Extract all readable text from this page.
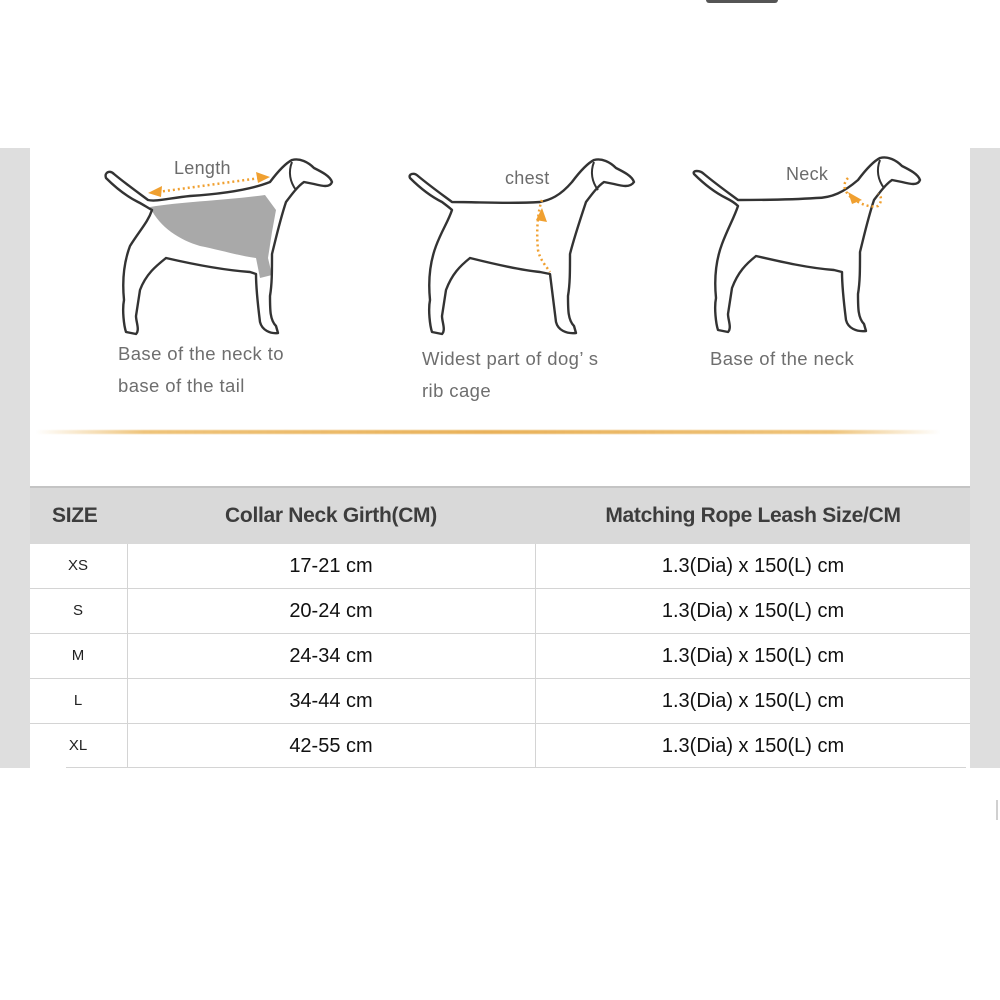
Length
Base of the neck to
base of the tail
chest
Widest part of dog’ s
rib cage
Neck
Base of the neck
SIZE	Collar Neck Girth(CM)	Matching Rope Leash Size/CM
XS	17-21 cm	1.3(Dia) x 150(L) cm
S	20-24 cm	1.3(Dia) x 150(L) cm
M	24-34 cm	1.3(Dia) x 150(L) cm
L	34-44 cm	1.3(Dia) x 150(L) cm
XL	42-55 cm	1.3(Dia) x 150(L) cm
